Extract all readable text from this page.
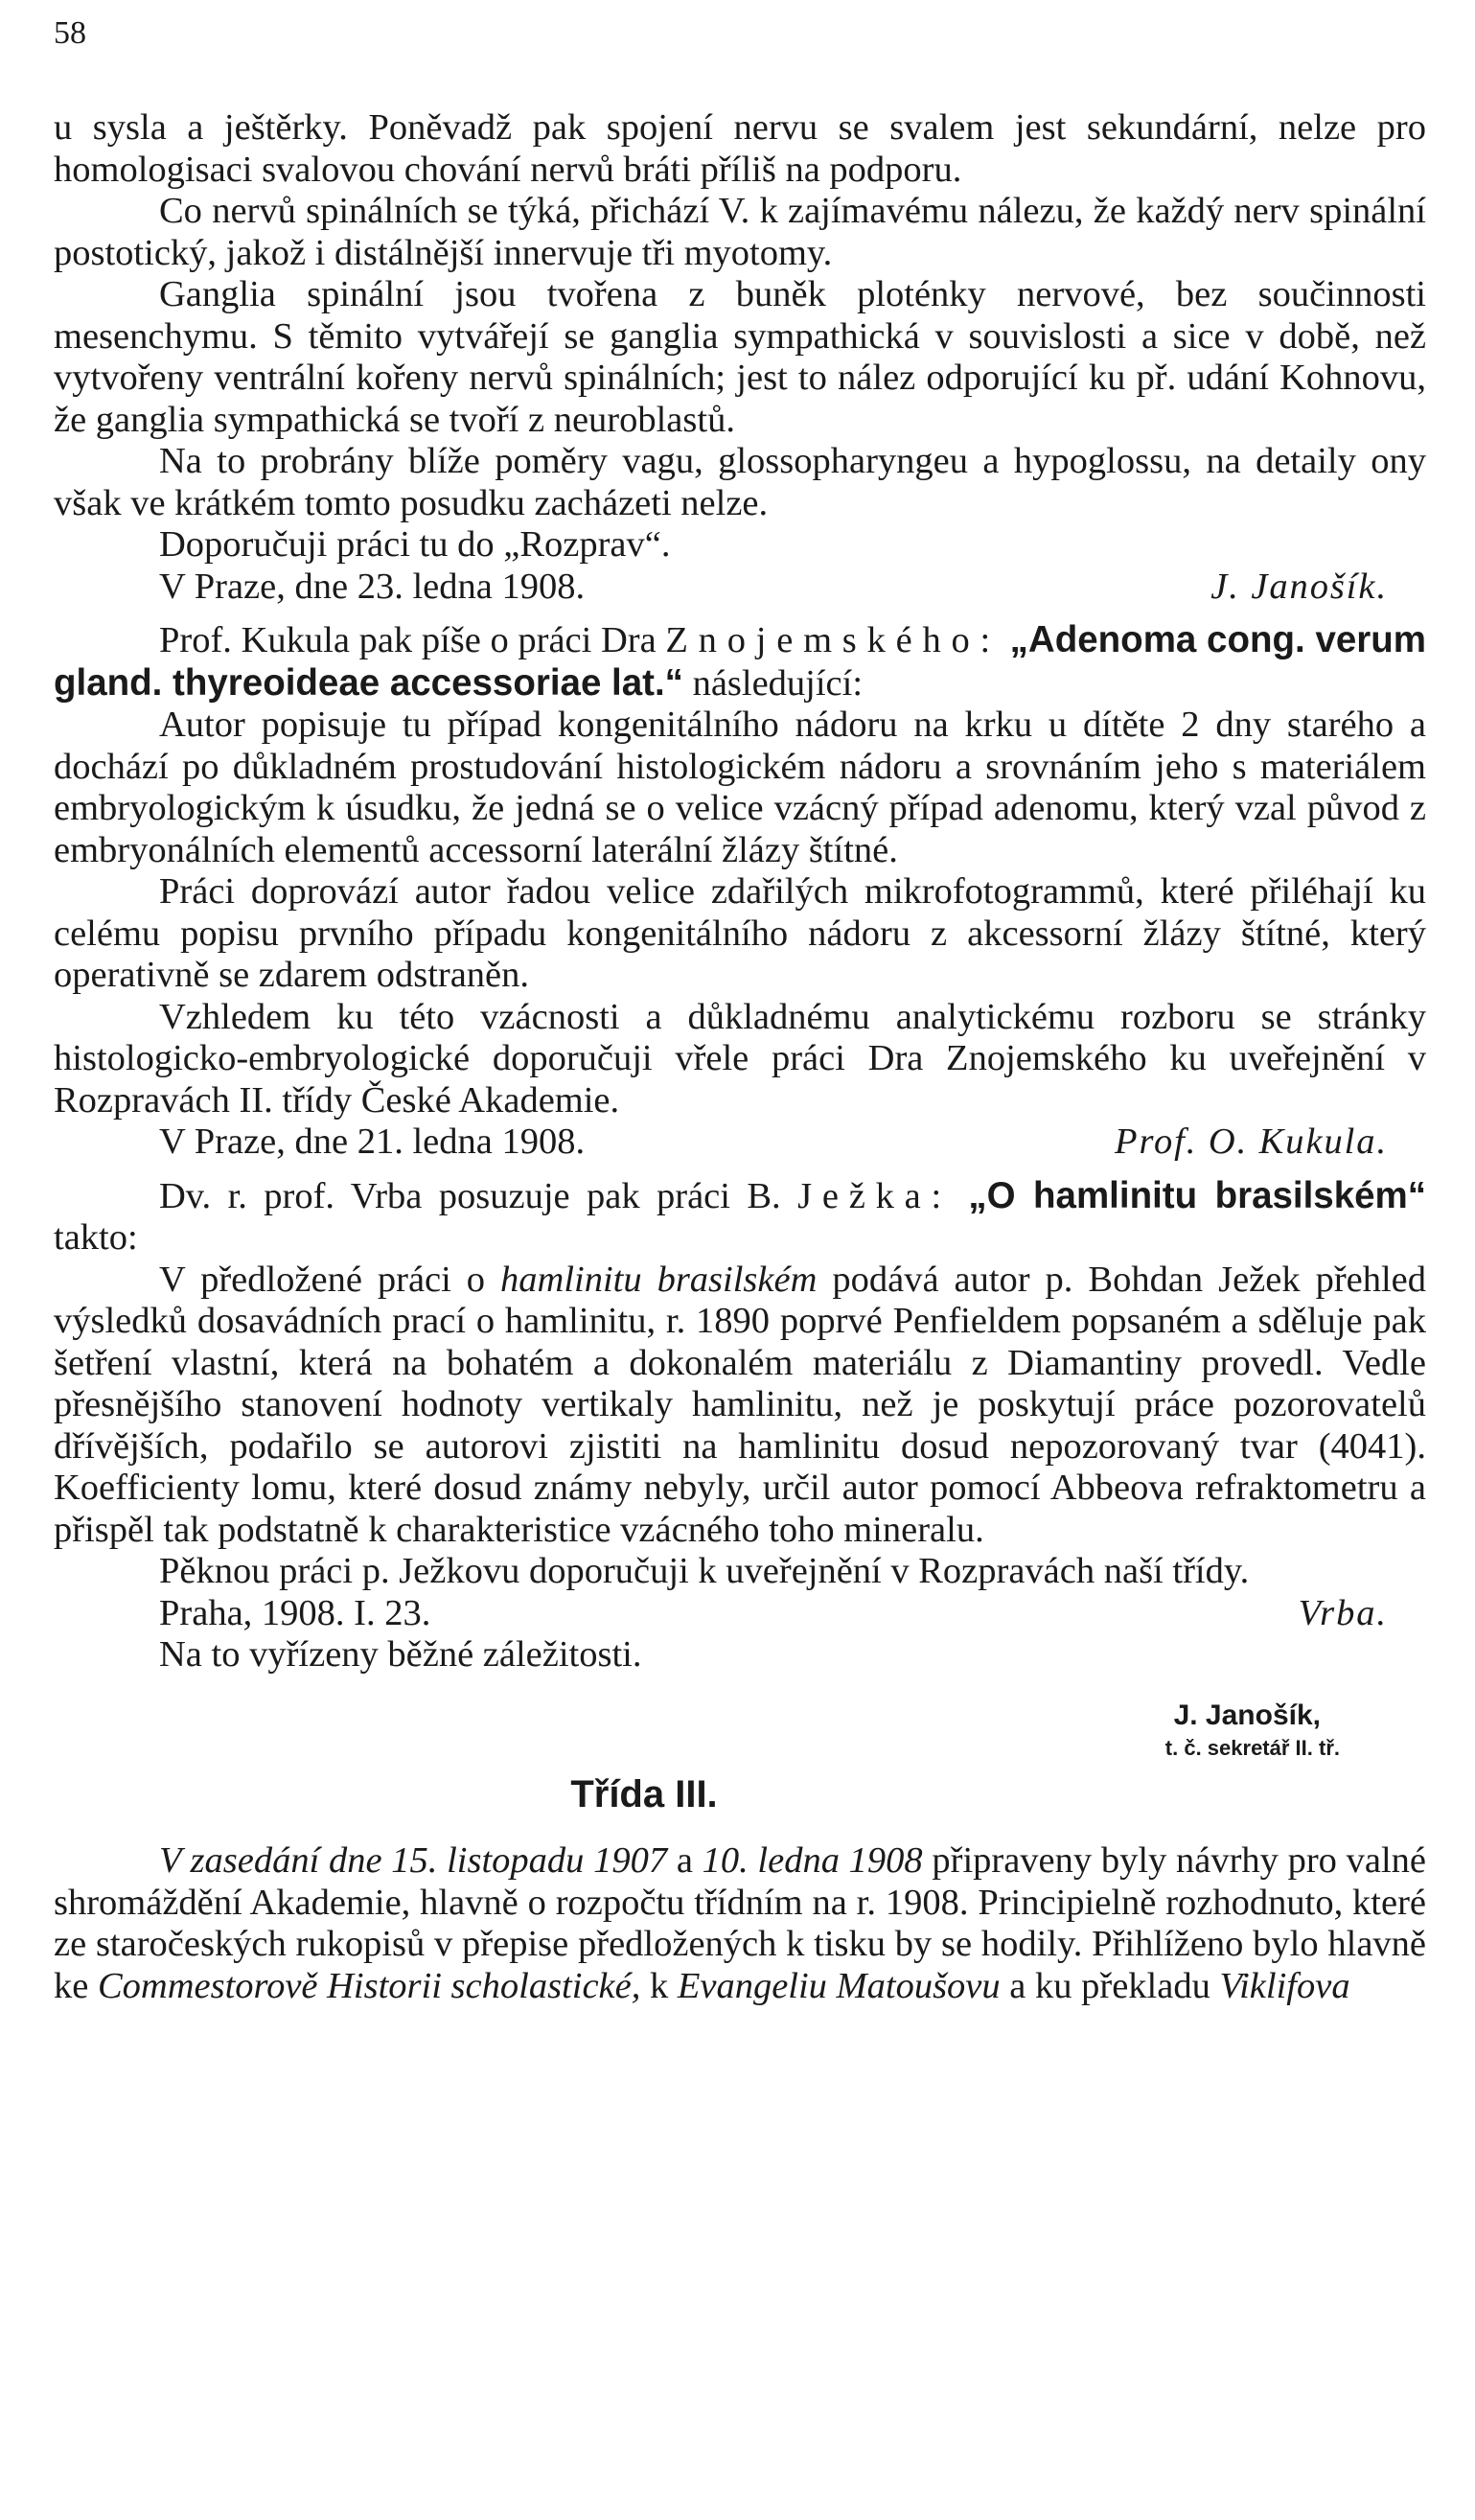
58

u sysla a ještěrky. Poněvadž pak spojení nervu se svalem jest sekundární, nelze pro homologisaci svalovou chování nervů bráti příliš na podporu.

Co nervů spinálních se týká, přichází V. k zajímavému nálezu, že každý nerv spinální postotický, jakož i distálnější innervuje tři myotomy.

Ganglia spinální jsou tvořena z buněk ploténky nervové, bez součinnosti mesenchymu. S těmito vytvářejí se ganglia sympathická v souvislosti a sice v době, než vytvořeny ventrální kořeny nervů spinálních; jest to nález odporující ku př. udání Kohnovu, že ganglia sympathická se tvoří z neuroblastů.

Na to probrány blíže poměry vagu, glossopharyngeu a hypoglossu, na detaily ony však ve krátkém tomto posudku zacházeti nelze.

Doporučuji práci tu do „Rozprav“.

V Praze, dne 23. ledna 1908.	J. Janošík.

Prof. Kukula pak píše o práci Dra Znojemského: „Adenoma cong. verum gland. thyreoideae accessoriae lat.“ následující:

Autor popisuje tu případ kongenitálního nádoru na krku u dítěte 2 dny starého a dochází po důkladném prostudování histologickém nádoru a srovnáním jeho s materiálem embryologickým k úsudku, že jedná se o velice vzácný případ adenomu, který vzal původ z embryonálních elementů accessorní laterální žlázy štítné.

Práci doprovází autor řadou velice zdařilých mikrofotogrammů, které přiléhají ku celému popisu prvního případu kongenitálního nádoru z akcessorní žlázy štítné, který operativně se zdarem odstraněn.

Vzhledem ku této vzácnosti a důkladnému analytickému rozboru se stránky histologicko-embryologické doporučuji vřele práci Dra Znojemského ku uveřejnění v Rozpravách II. třídy České Akademie.

V Praze, dne 21. ledna 1908.	Prof. O. Kukula.

Dv. r. prof. Vrba posuzuje pak práci B. Ježka: „O hamlinitu brasilském“ takto:

V předložené práci o hamlinitu brasilském podává autor p. Bohdan Ježek přehled výsledků dosavádních prací o hamlinitu, r. 1890 poprvé Penfieldem popsaném a sděluje pak šetření vlastní, která na bohatém a dokonalém materiálu z Diamantiny provedl. Vedle přesnějšího stanovení hodnoty vertikaly hamlinitu, než je poskytují práce pozorovatelů dřívějších, podařilo se autorovi zjistiti na hamlinitu dosud nepozorovaný tvar (4041). Koefficienty lomu, které dosud známy nebyly, určil autor pomocí Abbeova refraktometru a přispěl tak podstatně k charakteristice vzácného toho mineralu.

Pěknou práci p. Ježkovu doporučuji k uveřejnění v Rozpravách naší třídy.

Praha, 1908. I. 23.	Vrba.

Na to vyřízeny běžné záležitosti.

J. Janošík,
t. č. sekretář II. tř.

Třída III.

V zasedání dne 15. listopadu 1907 a 10. ledna 1908 připraveny byly návrhy pro valné shromáždění Akademie, hlavně o rozpočtu třídním na r. 1908. Principielně rozhodnuto, které ze staročeských rukopisů v přepise předložených k tisku by se hodily. Přihlíženo bylo hlavně ke Commestorově Historii scholastické, k Evangeliu Matoušovu a ku překladu Viklifova
